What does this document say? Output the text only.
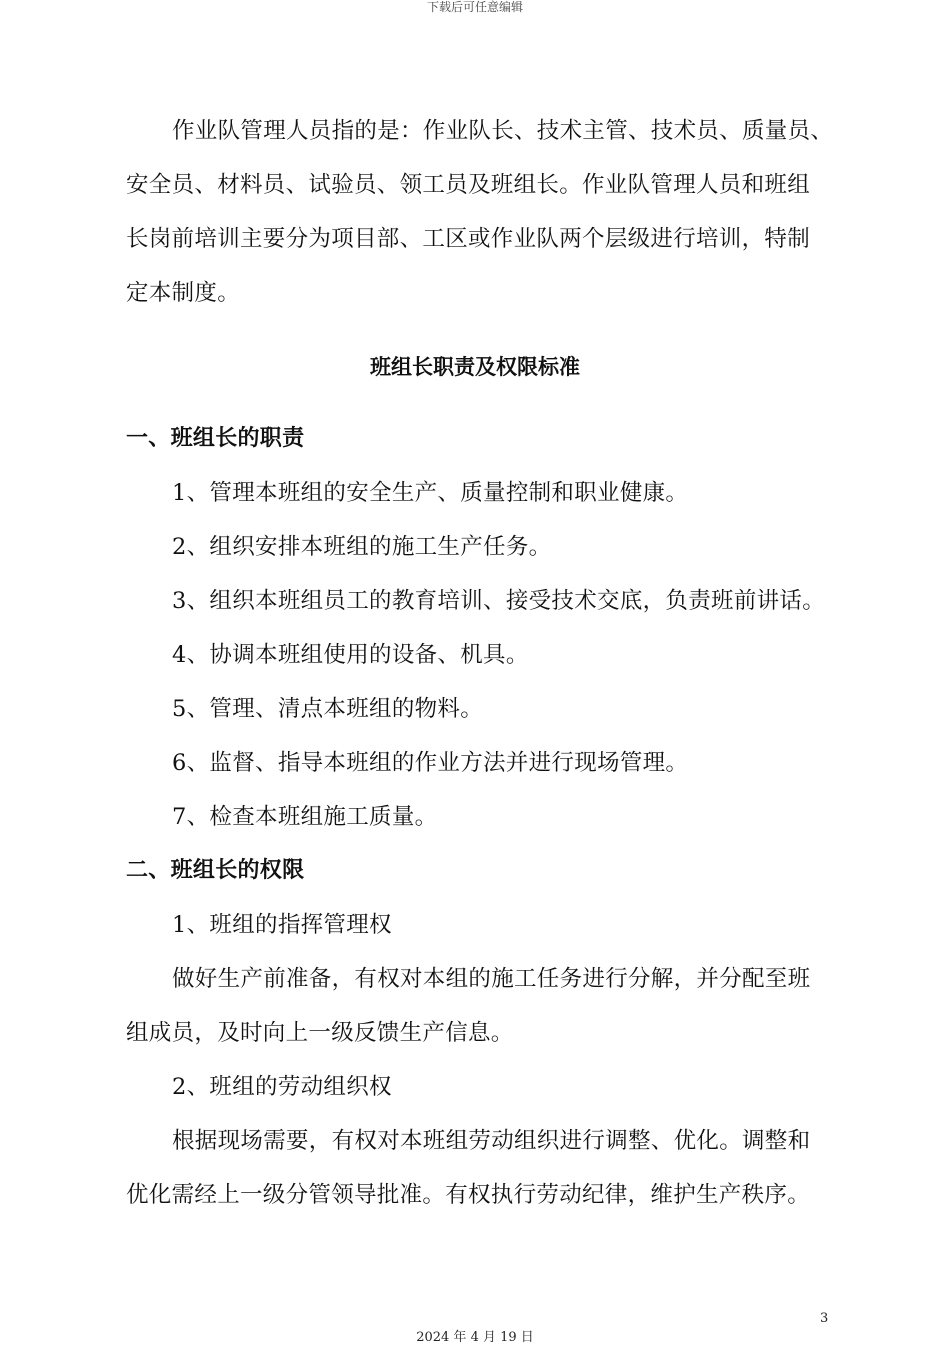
下载后可任意编辑

作业队管理人员指的是：作业队长、技术主管、技术员、质量员、

安全员、材料员、试验员、领工员及班组长。作业队管理人员和班组

长岗前培训主要分为项目部、工区或作业队两个层级进行培训，特制

定本制度。

班组长职责及权限标准
一、班组长的职责

1、管理本班组的安全生产、质量控制和职业健康。

2、组织安排本班组的施工生产任务。

3、组织本班组员工的教育培训、接受技术交底，负责班前讲话。

4、协调本班组使用的设备、机具。

5、管理、清点本班组的物料。

6、监督、指导本班组的作业方法并进行现场管理。

7、检查本班组施工质量。

二、班组长的权限

1、班组的指挥管理权

做好生产前准备，有权对本组的施工任务进行分解，并分配至班

组成员，及时向上一级反馈生产信息。

2、班组的劳动组织权

根据现场需要，有权对本班组劳动组织进行调整、优化。调整和

优化需经上一级分管领导批准。有权执行劳动纪律，维护生产秩序。

3
2024 年 4 月 19 日
